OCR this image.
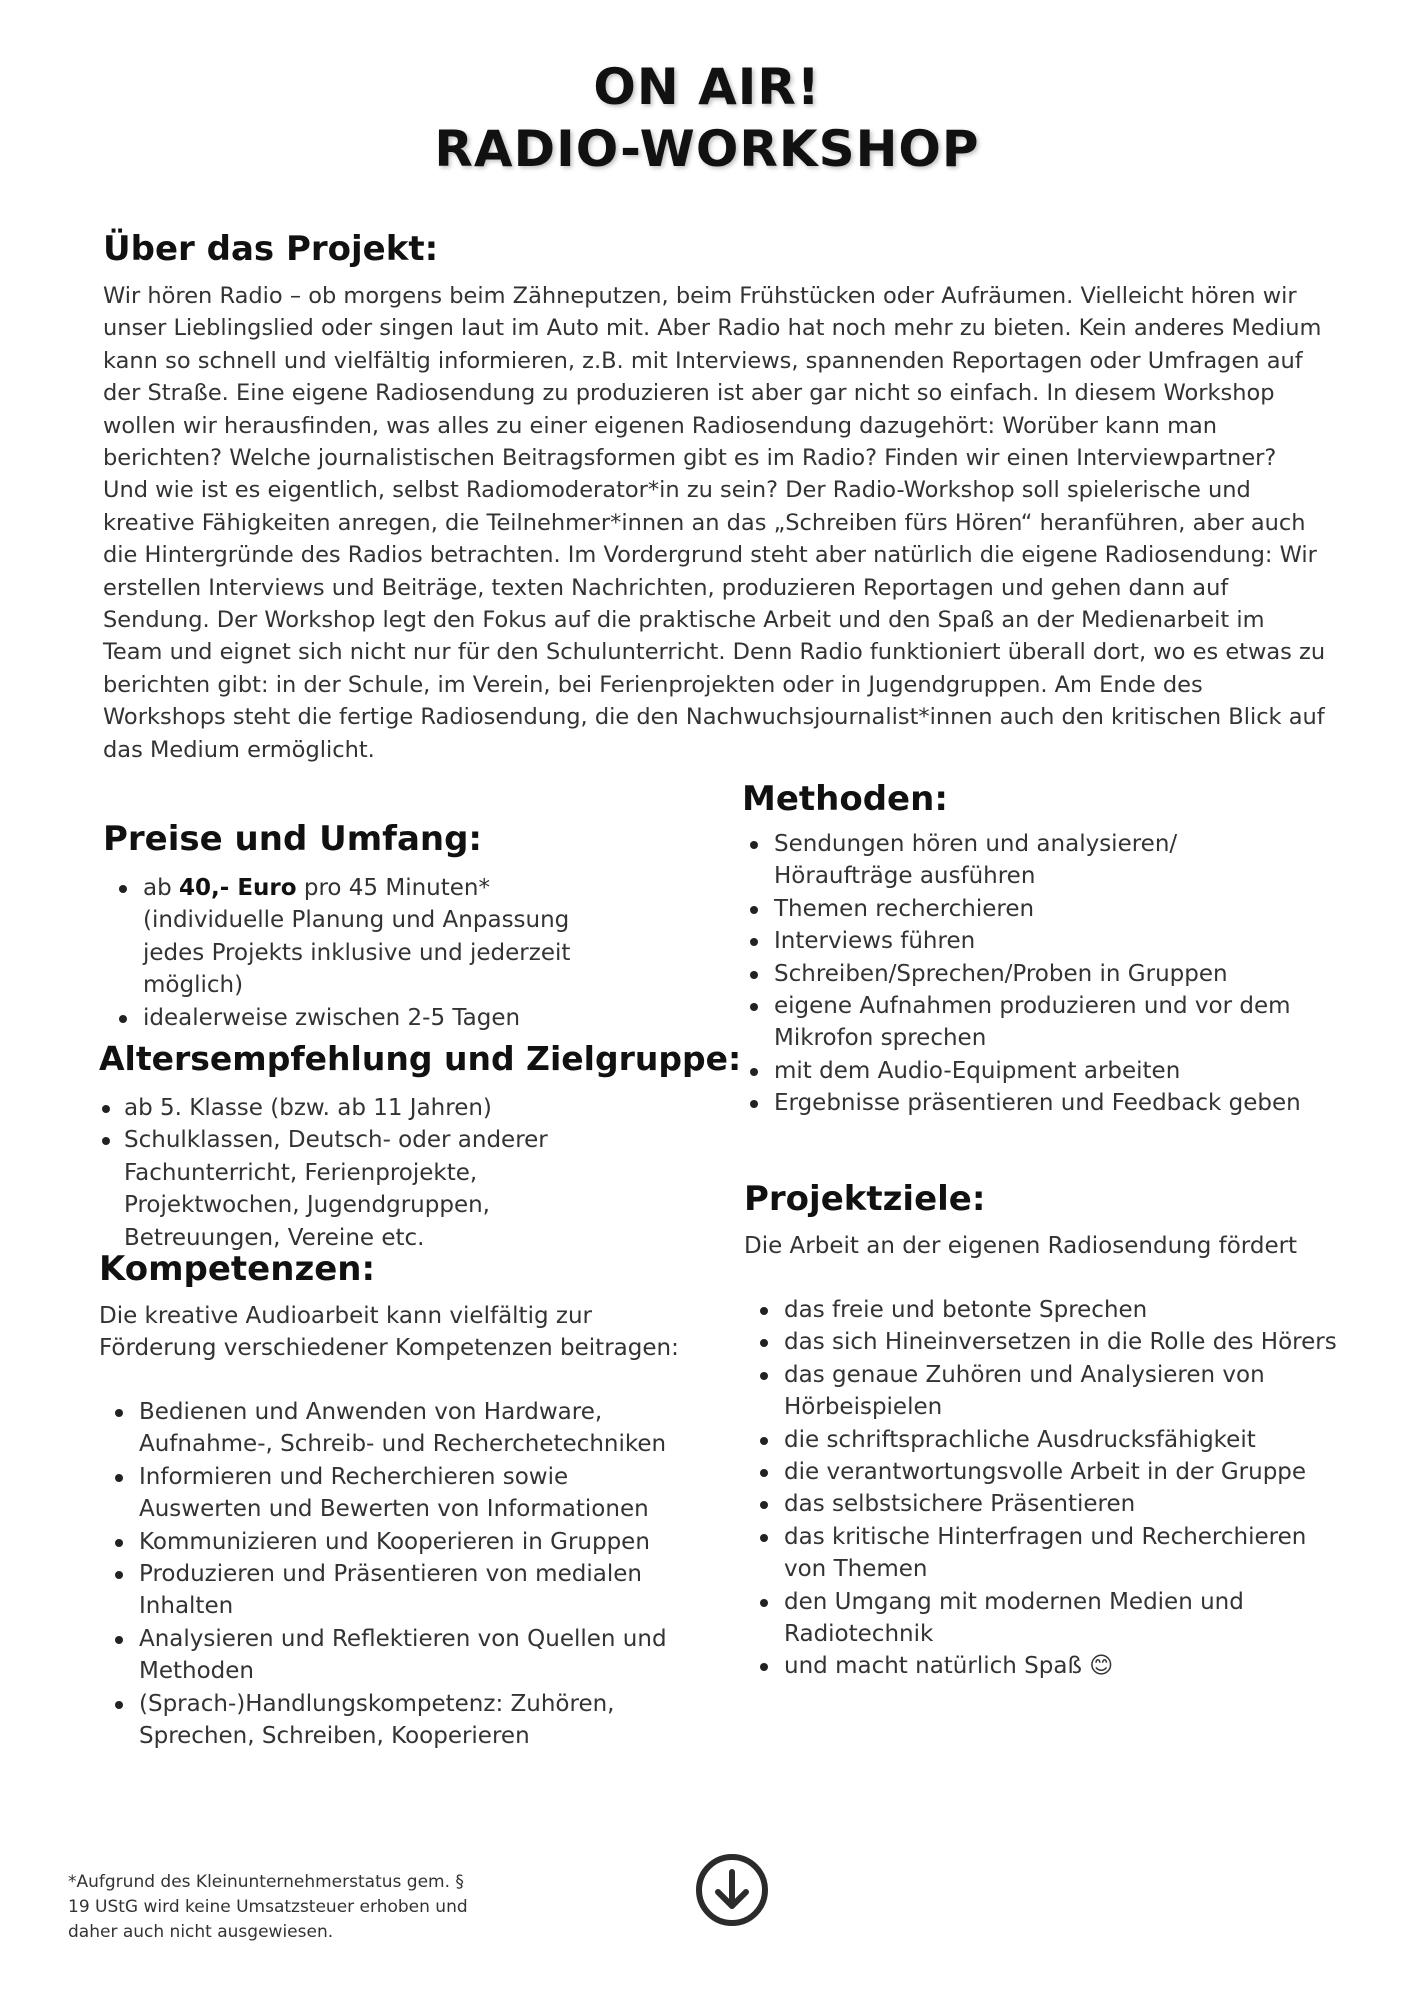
ON AIR!
RADIO-WORKSHOP
Über das Projekt:

Wir hören Radio – ob morgens beim Zähneputzen, beim Frühstücken oder Aufräumen. Vielleicht hören wir unser Lieblingslied oder singen laut im Auto mit. Aber Radio hat noch mehr zu bieten. Kein anderes Medium kann so schnell und vielfältig informieren, z.B. mit Interviews, spannenden Reportagen oder Umfragen auf der Straße. Eine eigene Radiosendung zu produzieren ist aber gar nicht so einfach. In diesem Workshop wollen wir herausfinden, was alles zu einer eigenen Radiosendung dazugehört: Worüber kann man berichten? Welche journalistischen Beitragsformen gibt es im Radio? Finden wir einen Interviewpartner? Und wie ist es eigentlich, selbst Radiomoderator*in zu sein? Der Radio-Workshop soll spielerische und kreative Fähigkeiten anregen, die Teilnehmer*innen an das „Schreiben fürs Hören“ heranführen, aber auch die Hintergründe des Radios betrachten. Im Vordergrund steht aber natürlich die eigene Radiosendung: Wir erstellen Interviews und Beiträge, texten Nachrichten, produzieren Reportagen und gehen dann auf Sendung. Der Workshop legt den Fokus auf die praktische Arbeit und den Spaß an der Medienarbeit im Team und eignet sich nicht nur für den Schulunterricht. Denn Radio funktioniert überall dort, wo es etwas zu berichten gibt: in der Schule, im Verein, bei Ferienprojekten oder in Jugendgruppen. Am Ende des Workshops steht die fertige Radiosendung, die den Nachwuchsjournalist*innen auch den kritischen Blick auf das Medium ermöglicht.

Preise und Umfang:
ab 40,- Euro pro 45 Minuten*
(individuelle Planung und Anpassung jedes Projekts inklusive und jederzeit möglich)
idealerweise zwischen 2-5 Tagen
Altersempfehlung und Zielgruppe:
ab 5. Klasse (bzw. ab 11 Jahren)
Schulklassen, Deutsch- oder anderer Fachunterricht, Ferienprojekte, Projektwochen, Jugendgruppen, Betreuungen, Vereine etc.
Kompetenzen:

Die kreative Audioarbeit kann vielfältig zur Förderung verschiedener Kompetenzen beitragen:

Bedienen und Anwenden von Hardware, Aufnahme-, Schreib- und Recherchetechniken
Informieren und Recherchieren sowie Auswerten und Bewerten von Informationen
Kommunizieren und Kooperieren in Gruppen
Produzieren und Präsentieren von medialen Inhalten
Analysieren und Reflektieren von Quellen und Methoden
(Sprach-)Handlungskompetenz: Zuhören, Sprechen, Schreiben, Kooperieren
Methoden:
Sendungen hören und analysieren/ Höraufträge ausführen
Themen recherchieren
Interviews führen
Schreiben/Sprechen/Proben in Gruppen
eigene Aufnahmen produzieren und vor dem Mikrofon sprechen
mit dem Audio-Equipment arbeiten
Ergebnisse präsentieren und Feedback geben
Projektziele:

Die Arbeit an der eigenen Radiosendung fördert

das freie und betonte Sprechen
das sich Hineinversetzen in die Rolle des Hörers
das genaue Zuhören und Analysieren von Hörbeispielen
die schriftsprachliche Ausdrucksfähigkeit
die verantwortungsvolle Arbeit in der Gruppe
das selbstsichere Präsentieren
das kritische Hinterfragen und Recherchieren von Themen
den Umgang mit modernen Medien und Radiotechnik
und macht natürlich Spaß 😊
*Aufgrund des Kleinunternehmerstatus gem. § 19 UStG wird keine Umsatzsteuer erhoben und daher auch nicht ausgewiesen.
